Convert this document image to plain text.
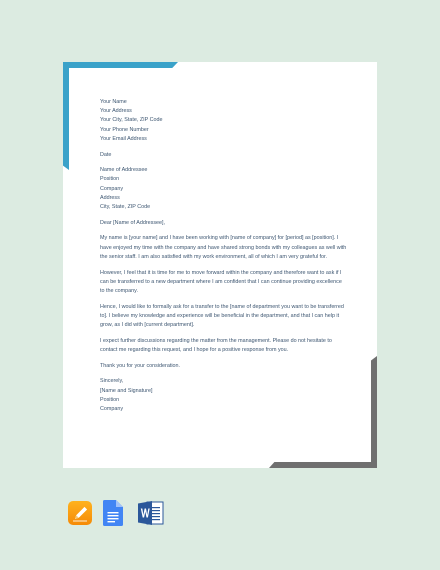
Your Name
Your Address
Your City, State, ZIP Code
Your Phone Number
Your Email Address
Date
Name of Addressee
Position
Company
Address
City, State, ZIP Code
Dear [Name of Addressee],
My name is [your name] and I have been working with [name of company] for [period] as [position]. I
have enjoyed my time with the company and have shared strong bonds with my colleagues as well with
the senior staff. I am also satisfied with my work environment, all of which I am very grateful for.
However, I feel that it is time for me to move forward within the company and therefore want to ask if I
can be transferred to a new department where I am confident that I can continue providing excellence
to the company.
Hence, I would like to formally ask for a transfer to the [name of department you want to be transferred
to]. I believe my knowledge and experience will be beneficial in the department, and that I can help it
grow, as I did with [current department].
I expect further discussions regarding the matter from the management. Please do not hesitate to
contact me regarding this request, and I hope for a positive response from you.
Thank you for your consideration.
Sincerely,
[Name and Signature]
Position
Company
